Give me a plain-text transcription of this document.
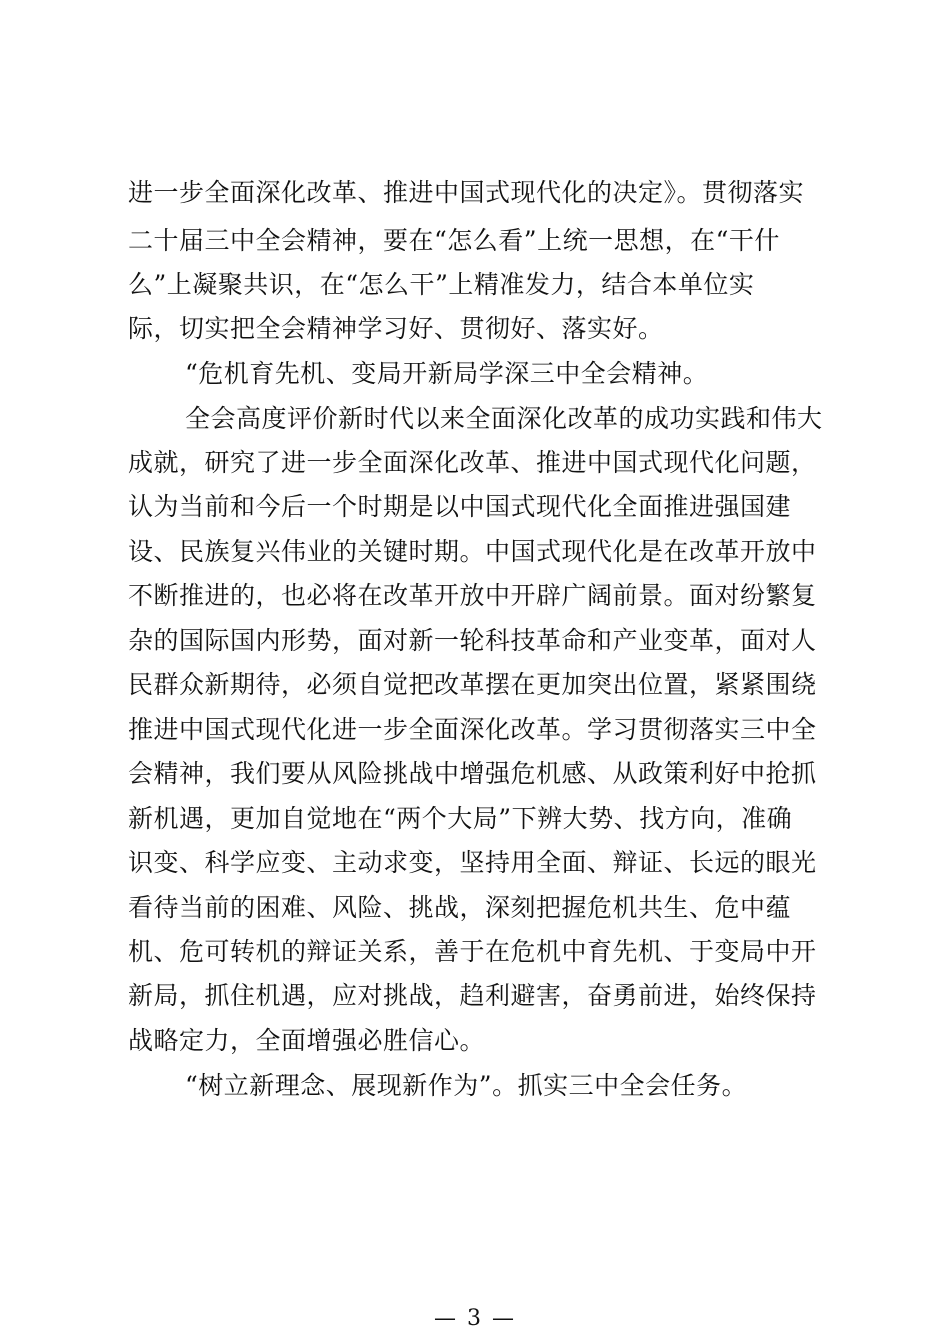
进一步全面深化改革、推进中国式现代化的决定》。贯彻落实
二十届三中全会精神，要在“怎么看”上统一思想，在“干什
么”上凝聚共识，在“怎么干”上精准发力，结合本单位实
际，切实把全会精神学习好、贯彻好、落实好。
“危机育先机、变局开新局学深三中全会精神。
全会高度评价新时代以来全面深化改革的成功实践和伟大
成就，研究了进一步全面深化改革、推进中国式现代化问题，
认为当前和今后一个时期是以中国式现代化全面推进强国建
设、民族复兴伟业的关键时期。中国式现代化是在改革开放中
不断推进的，也必将在改革开放中开辟广阔前景。面对纷繁复
杂的国际国内形势，面对新一轮科技革命和产业变革，面对人
民群众新期待，必须自觉把改革摆在更加突出位置，紧紧围绕
推进中国式现代化进一步全面深化改革。学习贯彻落实三中全
会精神，我们要从风险挑战中增强危机感、从政策利好中抢抓
新机遇，更加自觉地在“两个大局”下辨大势、找方向，准确
识变、科学应变、主动求变，坚持用全面、辩证、长远的眼光
看待当前的困难、风险、挑战，深刻把握危机共生、危中蕴
机、危可转机的辩证关系，善于在危机中育先机、于变局中开
新局，抓住机遇，应对挑战，趋利避害，奋勇前进，始终保持
战略定力，全面增强必胜信心。
“树立新理念、展现新作为”。抓实三中全会任务。
— 3 —
